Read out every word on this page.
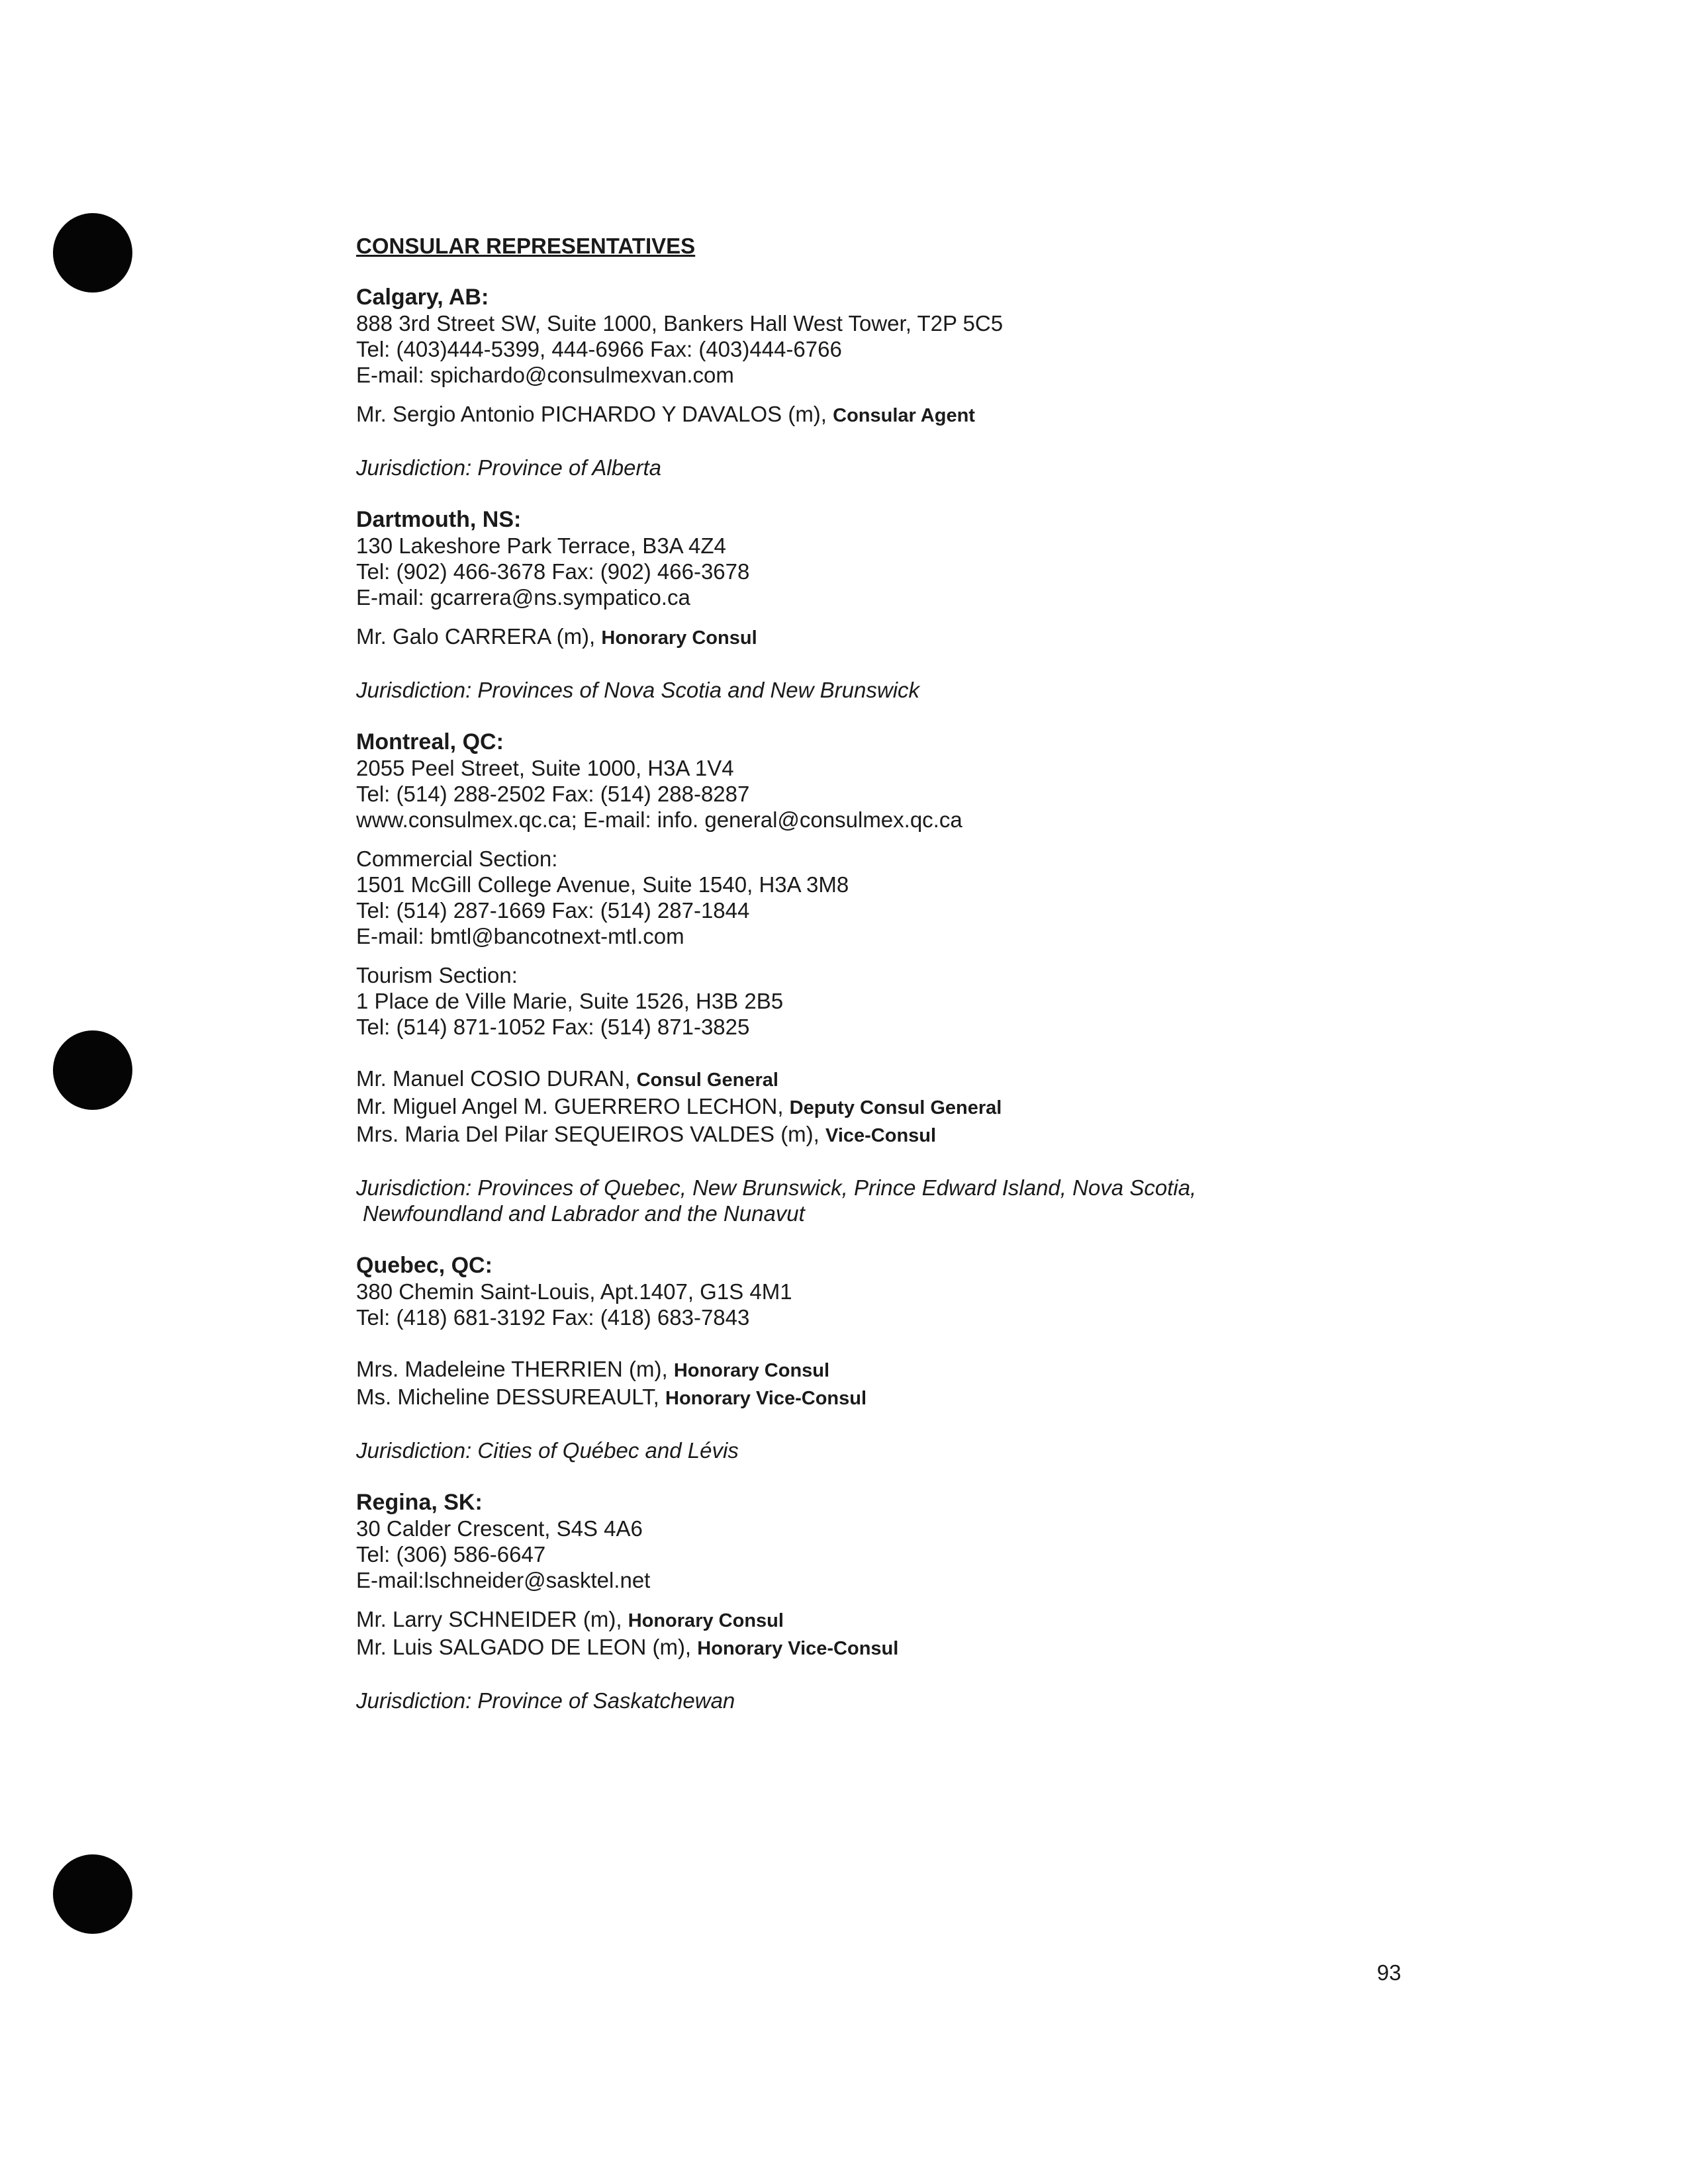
CONSULAR REPRESENTATIVES

Calgary, AB:

888 3rd Street SW, Suite 1000, Bankers Hall West Tower, T2P 5C5

Tel: (403)444-5399, 444-6966 Fax: (403)444-6766

E-mail: spichardo@consulmexvan.com

Mr. Sergio Antonio PICHARDO Y DAVALOS (m), Consular Agent

Jurisdiction: Province of Alberta

Dartmouth, NS:

130 Lakeshore Park Terrace, B3A 4Z4

Tel: (902) 466-3678 Fax: (902) 466-3678

E-mail: gcarrera@ns.sympatico.ca

Mr. Galo CARRERA (m), Honorary Consul

Jurisdiction: Provinces of Nova Scotia and New Brunswick

Montreal, QC:

2055 Peel Street, Suite 1000, H3A 1V4

Tel: (514) 288-2502 Fax: (514) 288-8287

www.consulmex.qc.ca; E-mail: info. general@consulmex.qc.ca

Commercial Section:

1501 McGill College Avenue, Suite 1540, H3A 3M8

Tel: (514) 287-1669 Fax: (514) 287-1844

E-mail: bmtl@bancotnext-mtl.com

Tourism Section:

1 Place de Ville Marie, Suite 1526, H3B 2B5

Tel: (514) 871-1052 Fax: (514) 871-3825

Mr. Manuel COSIO DURAN, Consul General

Mr. Miguel Angel M. GUERRERO LECHON, Deputy Consul General

Mrs. Maria Del Pilar SEQUEIROS VALDES (m), Vice-Consul

Jurisdiction: Provinces of Quebec, New Brunswick, Prince Edward Island, Nova Scotia,

Newfoundland and Labrador and the Nunavut

Quebec, QC:

380 Chemin Saint-Louis, Apt.1407, G1S 4M1

Tel: (418) 681-3192 Fax: (418) 683-7843

Mrs. Madeleine THERRIEN (m), Honorary Consul

Ms. Micheline DESSUREAULT, Honorary Vice-Consul

Jurisdiction: Cities of Québec and Lévis

Regina, SK:

30 Calder Crescent, S4S 4A6

Tel: (306) 586-6647

E-mail:lschneider@sasktel.net

Mr. Larry SCHNEIDER (m), Honorary Consul

Mr. Luis SALGADO DE LEON (m), Honorary Vice-Consul

Jurisdiction: Province of Saskatchewan

93
